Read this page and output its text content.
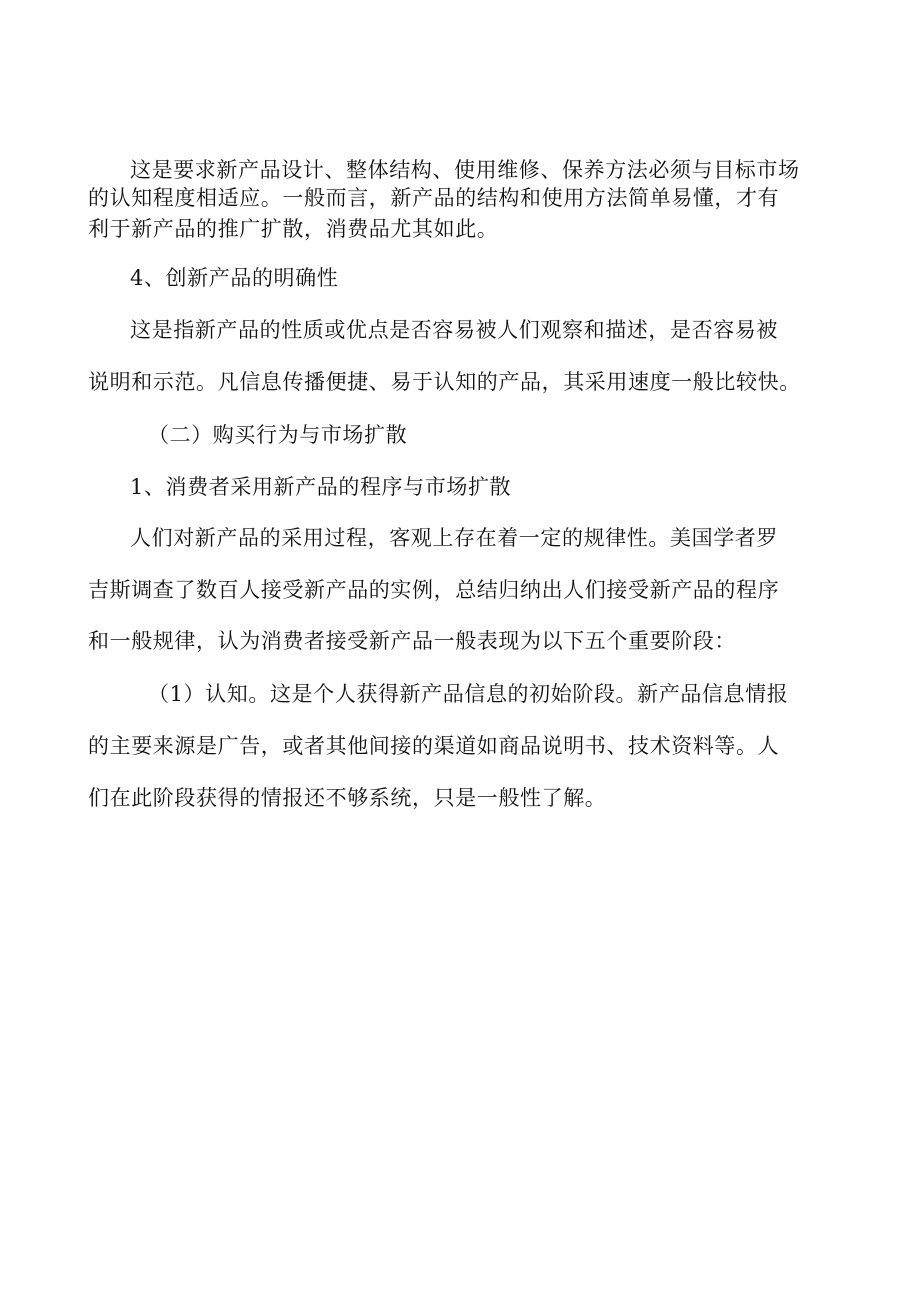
这是要求新产品设计、整体结构、使用维修、保养方法必须与目标市场
的认知程度相适应。一般而言，新产品的结构和使用方法简单易懂，才有
利于新产品的推广扩散，消费品尤其如此。
4、创新产品的明确性
这是指新产品的性质或优点是否容易被人们观察和描述，是否容易被
说明和示范。凡信息传播便捷、易于认知的产品，其采用速度一般比较快。
（二）购买行为与市场扩散
1、消费者采用新产品的程序与市场扩散
人们对新产品的采用过程，客观上存在着一定的规律性。美国学者罗
吉斯调查了数百人接受新产品的实例，总结归纳出人们接受新产品的程序
和一般规律，认为消费者接受新产品一般表现为以下五个重要阶段：
（1）认知。这是个人获得新产品信息的初始阶段。新产品信息情报
的主要来源是广告，或者其他间接的渠道如商品说明书、技术资料等。人
们在此阶段获得的情报还不够系统，只是一般性了解。
